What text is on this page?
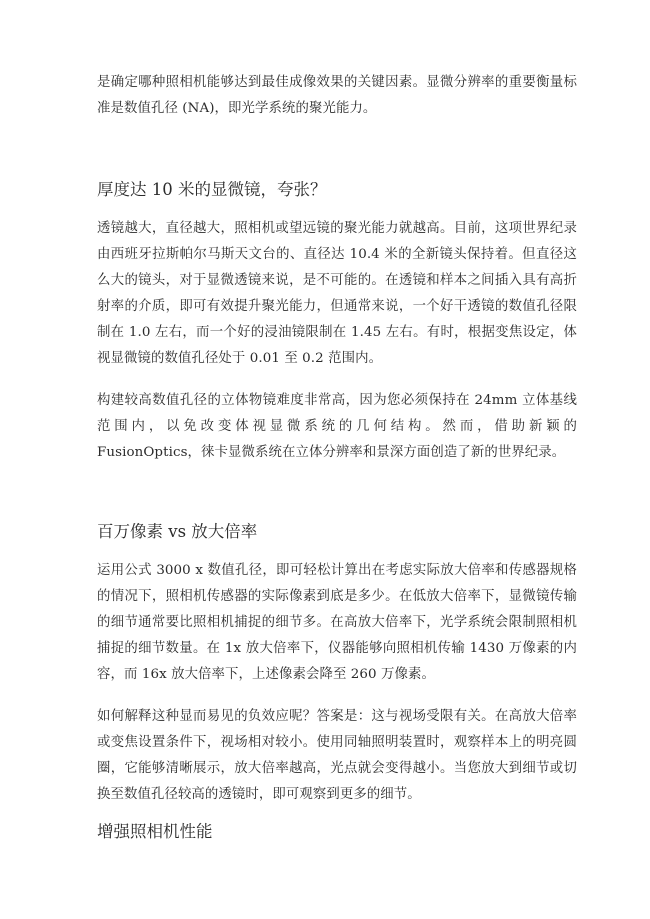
是确定哪种照相机能够达到最佳成像效果的关键因素。显微分辨率的重要衡量标准是数值孔径 (NA)，即光学系统的聚光能力。

厚度达 10 米的显微镜，夸张？

透镜越大，直径越大，照相机或望远镜的聚光能力就越高。目前，这项世界纪录由西班牙拉斯帕尔马斯天文台的、直径达 10.4 米的全新镜头保持着。但直径这么大的镜头，对于显微透镜来说，是不可能的。在透镜和样本之间插入具有高折射率的介质，即可有效提升聚光能力，但通常来说，一个好干透镜的数值孔径限制在 1.0 左右，而一个好的浸油镜限制在 1.45 左右。有时，根据变焦设定，体视显微镜的数值孔径处于 0.01 至 0.2 范围内。

构建较高数值孔径的立体物镜难度非常高，因为您必须保持在 24mm 立体基线范围内，以免改变体视显微系统的几何结构。然而，借助新颖的 FusionOptics，徕卡显微系统在立体分辨率和景深方面创造了新的世界纪录。

百万像素 vs 放大倍率

运用公式 3000 x 数值孔径，即可轻松计算出在考虑实际放大倍率和传感器规格的情况下，照相机传感器的实际像素到底是多少。在低放大倍率下，显微镜传输的细节通常要比照相机捕捉的细节多。在高放大倍率下，光学系统会限制照相机捕捉的细节数量。在 1x 放大倍率下，仪器能够向照相机传输 1430 万像素的内容，而 16x 放大倍率下，上述像素会降至 260 万像素。

如何解释这种显而易见的负效应呢？答案是：这与视场受限有关。在高放大倍率或变焦设置条件下，视场相对较小。使用同轴照明装置时，观察样本上的明亮圆圈，它能够清晰展示，放大倍率越高，光点就会变得越小。当您放大到细节或切换至数值孔径较高的透镜时，即可观察到更多的细节。

增强照相机性能
